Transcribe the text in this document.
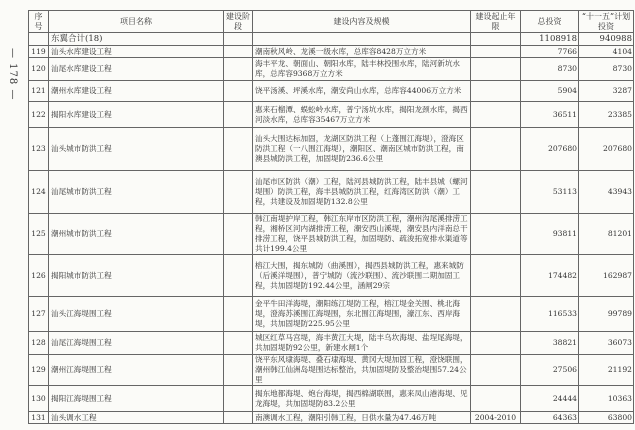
— 178 —
序号	项目名称	建设阶段	建设内容及规模	建设起止年限	总投资	“十一五”计划投资
	东翼合计(18)				1108918	940988
119	汕头水库建设工程		潮南秋风岭、龙溪一级水库，总库容8428万立方米		7766	4104
120	汕尾水库建设工程		海丰平龙、朝面山、朝阳水库，陆丰林投围水库，陆河新坑水库，总库容9368万立方米		8730	8730
121	潮州水库建设工程		饶平汤溪、坪溪水库，潮安尚山水库，总库容44006万立方米		5904	3287
122	揭阳水库建设工程		惠来石榴潭、蜈蚣岭水库，普宁汤坑水库，揭阳龙颈水库，揭西河淡水库，总库容35467万立方米		36511	23385
123	汕头城市防洪工程		汕头大围达标加固，龙湖区防洪工程（上蓬围江海堤），澄海区防洪工程（一八围江海堤），潮阳区、潮南区城市防洪工程，南澳县城防洪工程，加固堤防236.6公里		207680	207680
124	汕尾城市防洪工程		汕尾市区防洪（潮）工程，陆河县城防洪工程，陆丰县城（螺河堤围）防洪工程，海丰县城防洪工程，红海湾区防洪（潮）工程，共建设及加固堤防132.8公里		53113	43943
125	潮州城市防洪工程		韩江南堤护岸工程，韩江东岸市区防洪工程，潮州沟尾溪排涝工程，湘桥区河内湖排涝工程，潮安西山溪堤，潮安县内洋南总干排涝工程，饶平县城防洪工程，加固堤防、疏浚拓宽排水渠道等共计199.4公里		93811	81201
126	揭阳城市防洪工程		榕江大围，揭东城防（曲溪围），揭西县城防洪工程，惠来城防（后溪洋堤围），普宁城防（流沙联围）、流沙联围二期加固工程，共加固堤防192.44公里，涵闸29宗		174482	162987
127	汕头江海堤围工程		金平牛田洋海堤，潮阳练江堤防工程，榕江堤金关围、桃北海堤，澄海苏溪围江海堤围，东北围江海堤围，濠江东、西岸海堤，共加固堤防225.95公里		116533	99789
128	汕尾江海堤围工程		城区红草马宫堤，海丰黄江大堤，陆丰乌坎海堤、盐埕尾海堤，共加固堤防92公里，新建水闸1个		38821	36073
129	潮州江海堤围工程		饶平东风埭海堤、叠石埭海堤、黄冈大堤加固工程，澄饶联围，潮州韩江仙洲岛堤围达标整治，共加固堤防及整治堤围57.24公里		27506	21192
130	揭阳江海堤围工程		揭东地都海堤、炮台海堤，揭西棉湖联围，惠来凤山港海堤、见龙海堤，共加固堤防83.2公里		24444	10363
131	汕头调水工程		南澳调水工程，潮阳引韩工程，日供水量为47.46万吨	2004-2010	64363	63800
